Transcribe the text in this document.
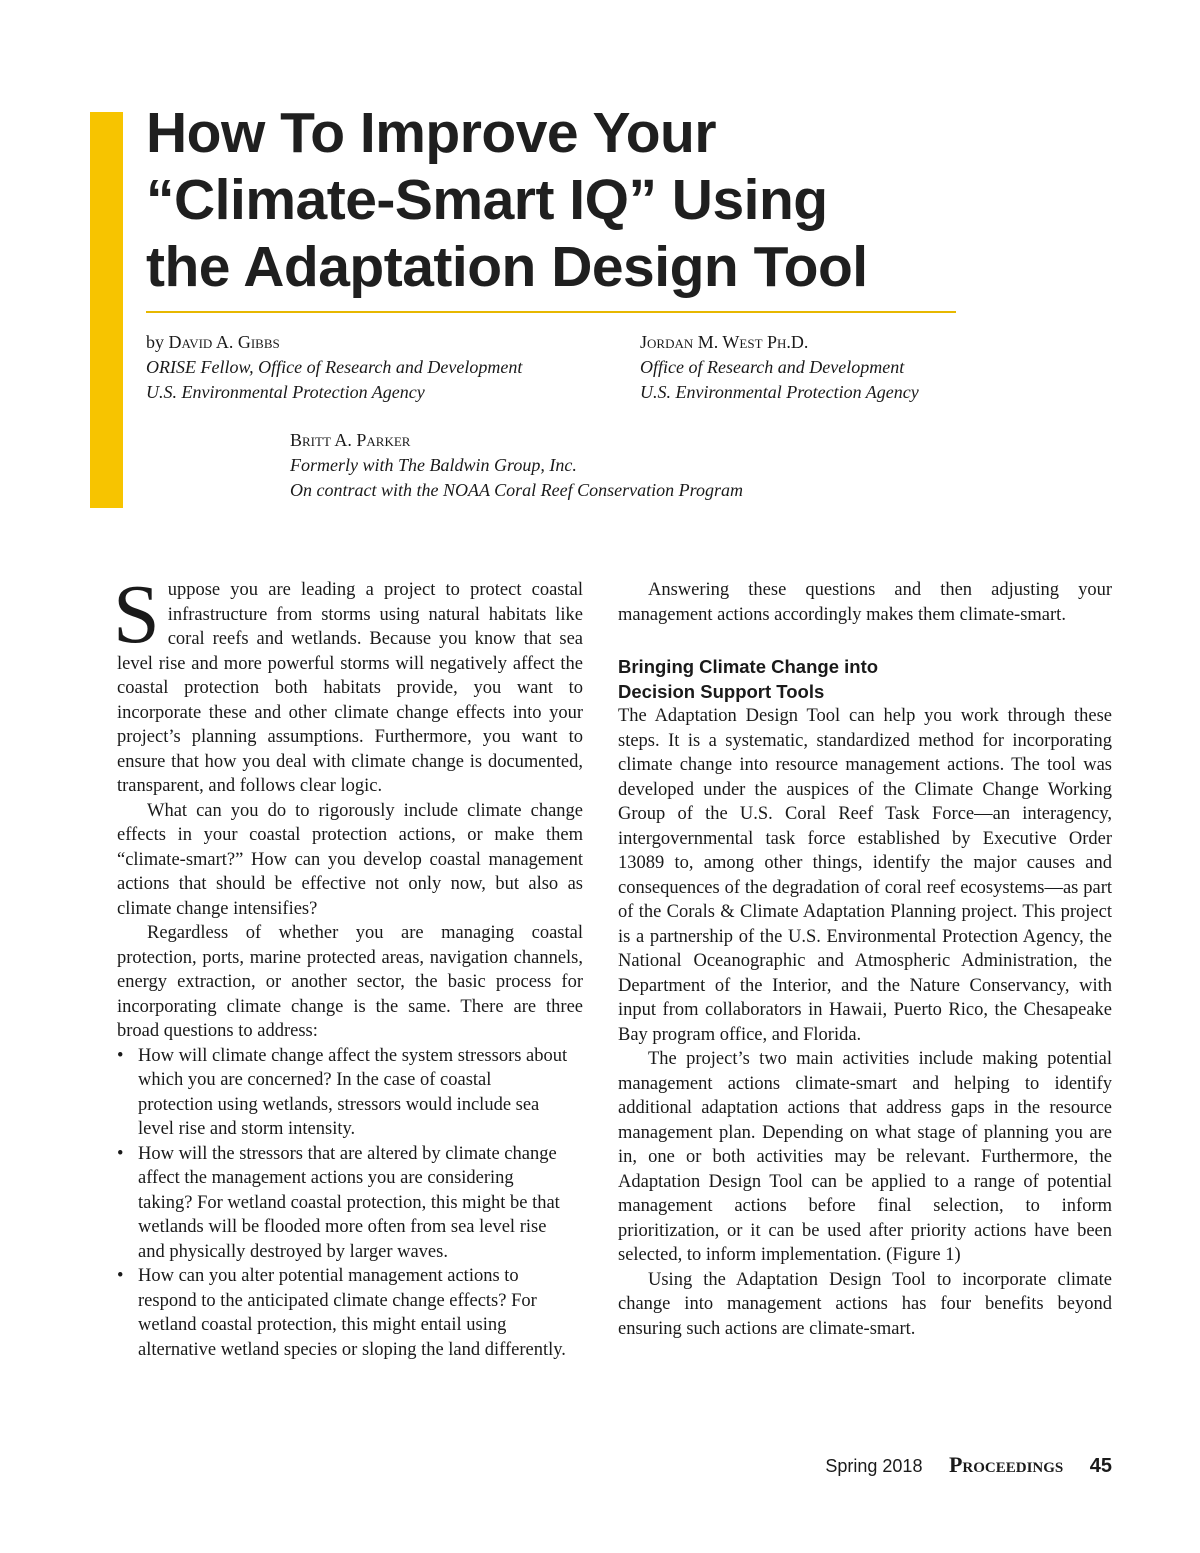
How To Improve Your
“Climate-Smart IQ” Using
the Adaptation Design Tool
by David A. Gibbs
ORISE Fellow, Office of Research and Development
U.S. Environmental Protection Agency
Jordan M. West Ph.D.
Office of Research and Development
U.S. Environmental Protection Agency
Britt A. Parker
Formerly with The Baldwin Group, Inc.
On contract with the NOAA Coral Reef Conservation Program

Suppose you are leading a project to protect coastal infrastructure from storms using natural habitats like coral reefs and wetlands. Because you know that sea level rise and more powerful storms will negatively affect the coastal protection both habitats provide, you want to incorporate these and other climate change effects into your project’s planning assumptions. Furthermore, you want to ensure that how you deal with climate change is documented, transparent, and follows clear logic.

What can you do to rigorously include climate change effects in your coastal protection actions, or make them “climate-smart?” How can you develop coastal management actions that should be effective not only now, but also as climate change intensifies?

Regardless of whether you are managing coastal protection, ports, marine protected areas, navigation channels, energy extraction, or another sector, the basic process for incorporating climate change is the same. There are three broad questions to address:

• How will climate change affect the system stressors about which you are concerned? In the case of coastal protection using wetlands, stressors would include sea level rise and storm intensity.
• How will the stressors that are altered by climate change affect the management actions you are considering taking? For wetland coastal protection, this might be that wetlands will be flooded more often from sea level rise and physically destroyed by larger waves.
• How can you alter potential management actions to respond to the anticipated climate change effects? For wetland coastal protection, this might entail using alternative wetland species or sloping the land differently.

Answering these questions and then adjusting your management actions accordingly makes them climate-smart.

Bringing Climate Change into
Decision Support Tools

The Adaptation Design Tool can help you work through these steps. It is a systematic, standardized method for incorporating climate change into resource management actions. The tool was developed under the auspices of the Climate Change Working Group of the U.S. Coral Reef Task Force—an interagency, intergovernmental task force established by Executive Order 13089 to, among other things, identify the major causes and consequences of the degradation of coral reef ecosystems—as part of the Corals & Climate Adaptation Planning project. This project is a partnership of the U.S. Environmental Protection Agency, the National Oceanographic and Atmospheric Administration, the Department of the Interior, and the Nature Conservancy, with input from collaborators in Hawaii, Puerto Rico, the Chesapeake Bay program office, and Florida.

The project’s two main activities include making potential management actions climate-smart and helping to identify additional adaptation actions that address gaps in the resource management plan. Depending on what stage of planning you are in, one or both activities may be relevant. Furthermore, the Adaptation Design Tool can be applied to a range of potential management actions before final selection, to inform prioritization, or it can be used after priority actions have been selected, to inform implementation. (Figure 1)

Using the Adaptation Design Tool to incorporate climate change into management actions has four benefits beyond ensuring such actions are climate-smart.

Spring 2018 Proceedings 45
